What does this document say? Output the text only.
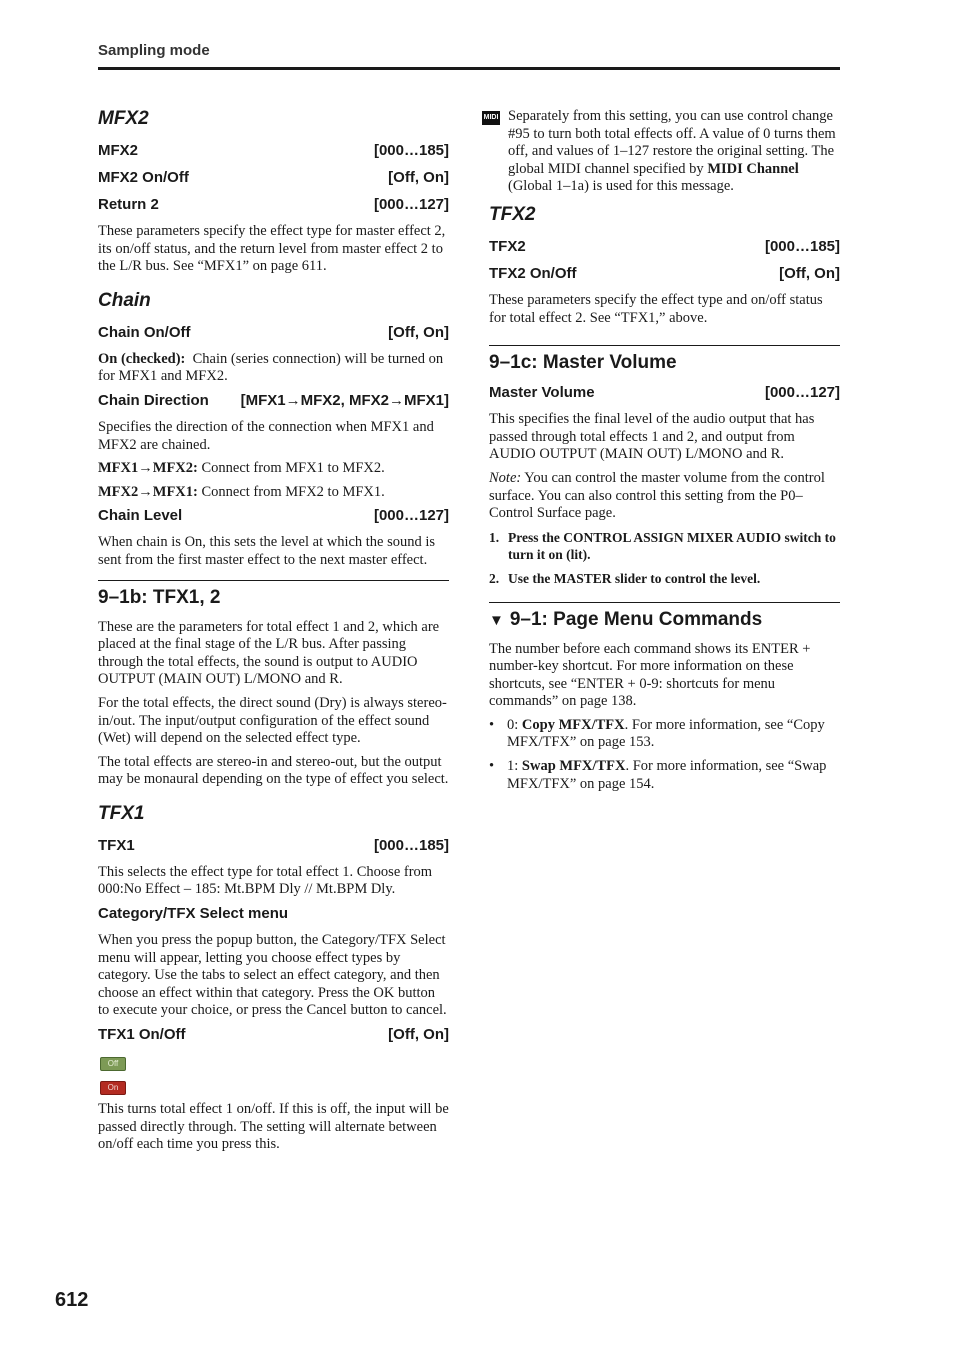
Sampling mode
MFX2
MFX2	[000…185]
MFX2 On/Off	[Off, On]
Return 2	[000…127]

These parameters specify the effect type for master effect 2, its on/off status, and the return level from master effect 2 to the L/R bus. See “MFX1” on page 611.

Chain
Chain On/Off	[Off, On]

On (checked): Chain (series connection) will be turned on for MFX1 and MFX2.

Chain Direction [MFX1→MFX2, MFX2→MFX1]

Specifies the direction of the connection when MFX1 and MFX2 are chained.

MFX1→MFX2: Connect from MFX1 to MFX2.

MFX2→MFX1: Connect from MFX2 to MFX1.

Chain Level	[000…127]

When chain is On, this sets the level at which the sound is sent from the first master effect to the next master effect.

9–1b: TFX1, 2

These are the parameters for total effect 1 and 2, which are placed at the final stage of the L/R bus. After passing through the total effects, the sound is output to AUDIO OUTPUT (MAIN OUT) L/MONO and R.

For the total effects, the direct sound (Dry) is always stereo-in/out. The input/output configuration of the effect sound (Wet) will depend on the selected effect type.

The total effects are stereo-in and stereo-out, but the output may be monaural depending on the type of effect you select.

TFX1
TFX1	[000…185]

This selects the effect type for total effect 1. Choose from 000:No Effect – 185: Mt.BPM Dly // Mt.BPM Dly.

Category/TFX Select menu

When you press the popup button, the Category/TFX Select menu will appear, letting you choose effect types by category. Use the tabs to select an effect category, and then choose an effect within that category. Press the OK button to execute your choice, or press the Cancel button to cancel.

TFX1 On/Off	[Off, On]
Off
On

This turns total effect 1 on/off. If this is off, the input will be passed directly through. The setting will alternate between on/off each time you press this.

MIDI Separately from this setting, you can use control change #95 to turn both total effects off. A value of 0 turns them off, and values of 1–127 restore the original setting. The global MIDI channel specified by MIDI Channel (Global 1–1a) is used for this message.

TFX2
TFX2	[000…185]
TFX2 On/Off	[Off, On]

These parameters specify the effect type and on/off status for total effect 2. See “TFX1,” above.

9–1c: Master Volume
Master Volume	[000…127]

This specifies the final level of the audio output that has passed through total effects 1 and 2, and output from AUDIO OUTPUT (MAIN OUT) L/MONO and R.

Note: You can control the master volume from the control surface. You can also control this setting from the P0– Control Surface page.

1. Press the CONTROL ASSIGN MIXER AUDIO switch to turn it on (lit).
2. Use the MASTER slider to control the level.
▼ 9–1: Page Menu Commands

The number before each command shows its ENTER + number-key shortcut. For more information on these shortcuts, see “ENTER + 0-9: shortcuts for menu commands” on page 138.

• 0: Copy MFX/TFX. For more information, see “Copy MFX/TFX” on page 153.
• 1: Swap MFX/TFX. For more information, see “Swap MFX/TFX” on page 154.
612
